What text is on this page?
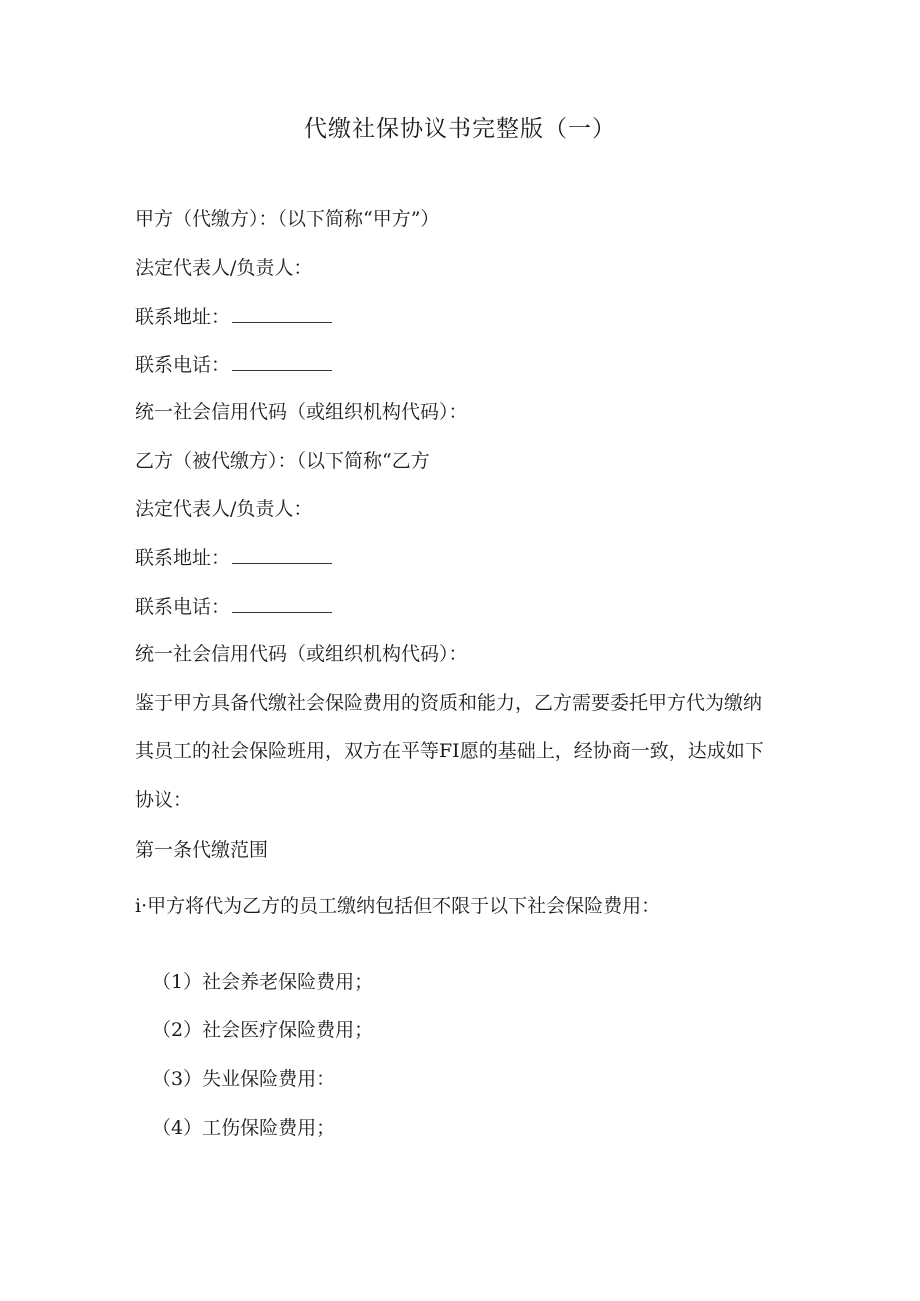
代缴社保协议书完整版（一）
甲方（代缴方）：（以下简称“甲方”）
法定代表人/负责人：
联系地址：
联系电话：
统一社会信用代码（或组织机构代码）：
乙方（被代缴方）：（以下简称“乙方
法定代表人/负责人：
联系地址：
联系电话：
统一社会信用代码（或组织机构代码）：
鉴于甲方具备代缴社会保险费用的资质和能力，乙方需要委托甲方代为缴纳
其员工的社会保险班用，双方在平等FI愿的基础上，经协商一致，达成如下
协议：
第一条代缴范围
i·甲方将代为乙方的员工缴纳包括但不限于以下社会保险费用：
（1）社会养老保险费用；
（2）社会医疗保险费用；
（3）失业保险费用：
（4）工伤保险费用；
